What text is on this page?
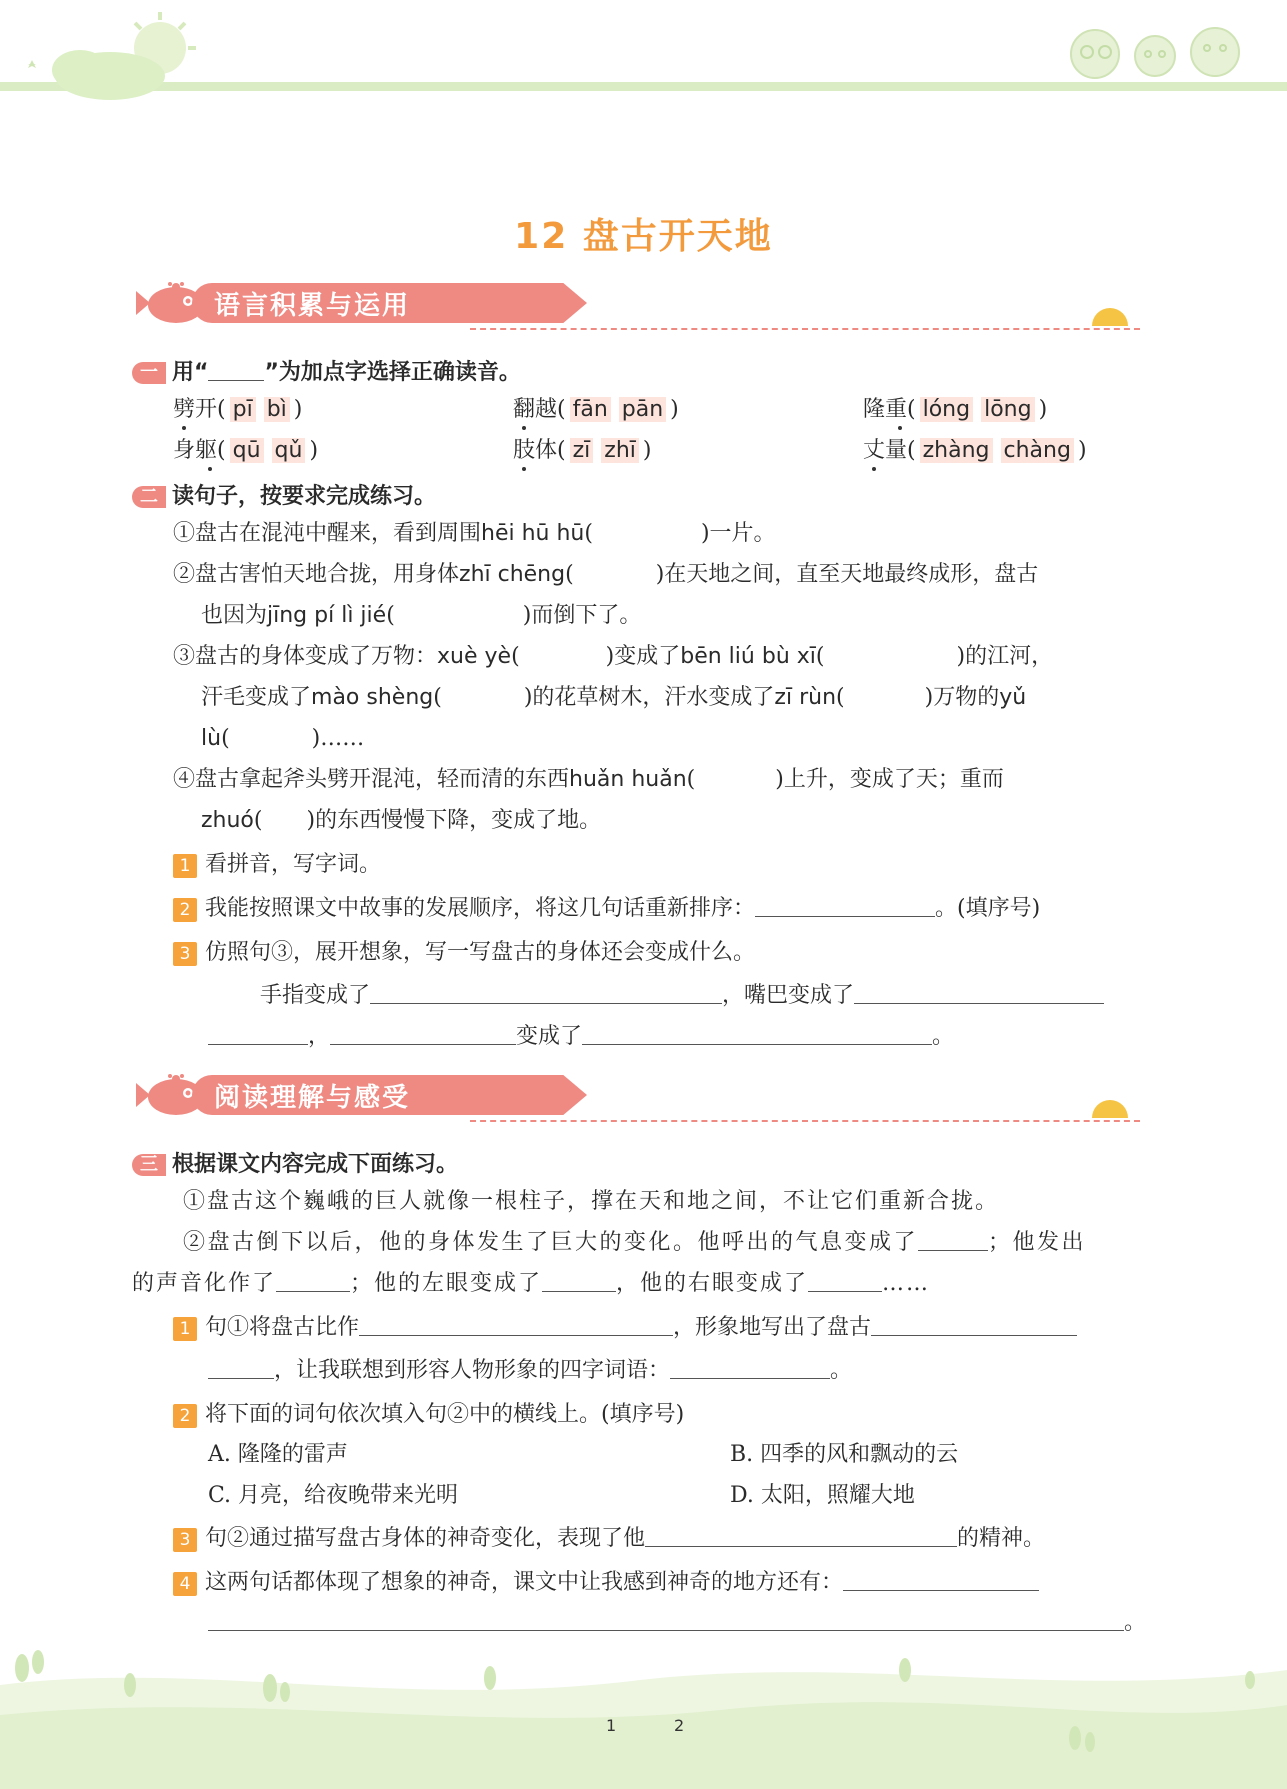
12 盘古开天地
语言积累与运用
一 用“	”为加点字选择正确读音。
劈开( pī bì )	翻越( fān pān )	隆重( lóng lōng )
身躯( qū qǔ )	肢体( zī zhī )	丈量( zhàng chàng )
二 读句子，按要求完成练习。
①盘古在混沌中醒来，看到周围hēi hū hū(	)一片。
②盘古害怕天地合拢，用身体zhī chēng(	)在天地之间，直至天地最终成形，盘古
也因为jīng pí lì jié(	)而倒下了。
③盘古的身体变成了万物：xuè yè(	)变成了bēn liú bù xī(	)的江河，
汗毛变成了mào shèng(	)的花草树木，汗水变成了zī rùn(	)万物的yǔ
lù(	)……
④盘古拿起斧头劈开混沌，轻而清的东西huǎn huǎn(	)上升，变成了天；重而
zhuó( )的东西慢慢下降，变成了地。
1 看拼音，写字词。
2 我能按照课文中故事的发展顺序，将这几句话重新排序：	。(填序号)
3 仿照句③，展开想象，写一写盘古的身体还会变成什么。
手指变成了	，嘴巴变成了
，	变成了	。
阅读理解与感受
三 根据课文内容完成下面练习。
①盘古这个巍峨的巨人就像一根柱子，撑在天和地之间，不让它们重新合拢。
②盘古倒下以后，他的身体发生了巨大的变化。他呼出的气息变成了	；他发出
的声音化作了	；他的左眼变成了	，他的右眼变成了	……
1 句①将盘古比作	，形象地写出了盘古
，让我联想到形容人物形象的四字词语：	。
2 将下面的词句依次填入句②中的横线上。(填序号)
A. 隆隆的雷声	B. 四季的风和飘动的云
C. 月亮，给夜晚带来光明	D. 太阳，照耀大地
3 句②通过描写盘古身体的神奇变化，表现了他	的精神。
4 这两句话都体现了想象的神奇，课文中让我感到神奇的地方还有：
。
1	2
